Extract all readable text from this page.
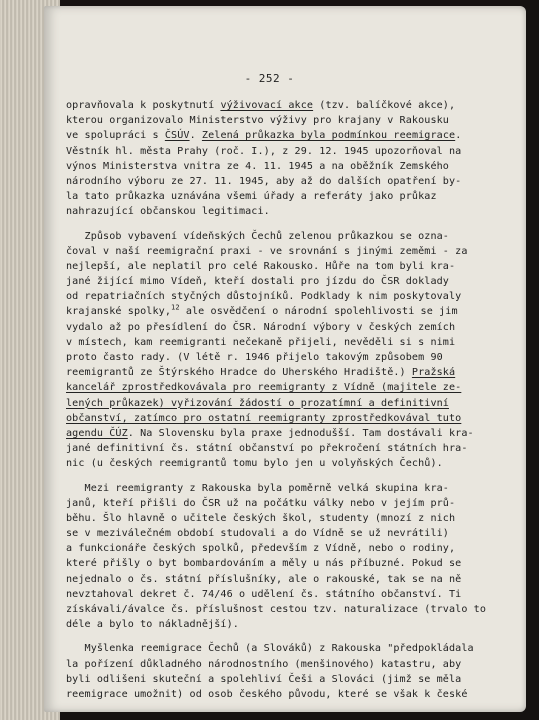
- 252 -
opravňovala k poskytnutí výživovací akce (tzv. balíčkové akce),
kterou organizovalo Ministerstvo výživy pro krajany v Rakousku
ve spolupráci s ČSÚV. Zelená průkazka byla podmínkou reemigrace.
Věstník hl. města Prahy (roč. I.), z 29. 12. 1945 upozorňoval na
výnos Ministerstva vnitra ze 4. 11. 1945 a na oběžník Zemského
národního výboru ze 27. 11. 1945, aby až do dalších opatření by-
la tato průkazka uznávána všemi úřady a referáty jako průkaz
nahrazující občanskou legitimaci.
Způsob vybavení vídeňských Čechů zelenou průkazkou se ozna-
čoval v naší reemigrační praxi - ve srovnání s jinými zeměmi - za
nejlepší, ale neplatil pro celé Rakousko. Hůře na tom byli kra-
jané žijící mimo Vídeň, kteří dostali pro jízdu do ČSR doklady
od repatriačních styčných důstojníků. Podklady k nim poskytovaly
krajanské spolky,$^{12}$ ale osvědčení o národní spolehlivosti se jim
vydalo až po přesídlení do ČSR. Národní výbory v českých zemích
v místech, kam reemigranti nečekaně přijeli, nevěděli si s nimi
proto často rady. (V létě r. 1946 přijelo takovým způsobem 90
reemigrantů ze Štýrského Hradce do Uherského Hradiště.) Pražská
kancelář zprostředkovávala pro reemigranty z Vídně (majitele ze-
lených průkazek) vyřizování žádostí o prozatímní a definitivní
občanství, zatímco pro ostatní reemigranty zprostředkovával tuto
agendu ČÚZ. Na Slovensku byla praxe jednodušší. Tam dostávali kra-
jané definitivní čs. státní občanství po překročení státních hra-
nic (u českých reemigrantů tomu bylo jen u volyňských Čechů).
Mezi reemigranty z Rakouska byla poměrně velká skupina kra-
janů, kteří přišli do ČSR už na počátku války nebo v jejím prů-
běhu. Šlo hlavně o učitele českých škol, studenty (mnozí z nich
se v meziválečném období studovali a do Vídně se už nevrátili)
a funkcionáře českých spolků, především z Vídně, nebo o rodiny,
které přišly o byt bombardováním a měly u nás příbuzné. Pokud se
nejednalo o čs. státní příslušníky, ale o rakouské, tak se na ně
nevztahoval dekret č. 74/46 o udělení čs. státního občanství. Ti
získávali/ávalce čs. příslušnost cestou tzv. naturalizace (trvalo to
déle a bylo to nákladnější).
Myšlenka reemigrace Čechů (a Slováků) z Rakouska "předpokládala
la pořízení důkladného národnostního (menšinového) katastru, aby
byli odlišeni skuteční a spolehliví Češi a Slováci (jimž se měla
reemigrace umožnit) od osob českého původu, které se však k české
